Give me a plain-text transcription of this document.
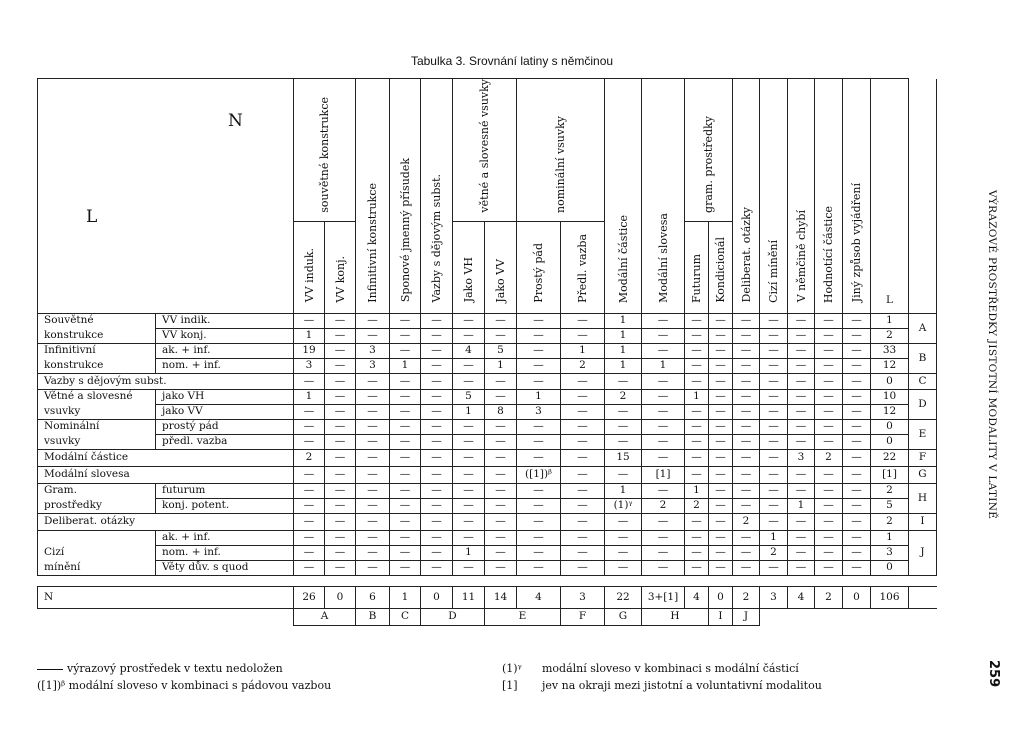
Tabulka 3. Srovnání latiny s němčinou
N
L		souvětné konstrukce		Infinitivní konstrukce	Sponové jmenný přísudek	Vazby s dějovým subst.	větné a slovesné vsuvky		nominální vsuvky		Modální částice	Modální slovesa	gram. prostředky		Deliberat. otázky	Cizí mínění	V němčině chybí	Hodnotící částice	Jiný způsob vyjádření	L	
		VV induk.	VV konj.				Jako VH	Jako VV	Prostý pád	Předl. vazba			Futurum	Kondicionál							
Souvětné	VV indik.	—	—	—	—	—	—	—	—	—	1	—	—	—	—	—	—	—	—	1	A
konstrukce	VV konj.	1	—	—	—	—	—	—	—	—	1	—	—	—	—	—	—	—	—	2	
Infinitivní	ak. + inf.	19	—	3	—	—	4	5	—	1	1	—	—	—	—	—	—	—	—	33	B
konstrukce	nom. + inf.	3	—	3	1	—	—	1	—	2	1	1	—	—	—	—	—	—	—	12	
Vazby s dějovým subst.		—	—	—	—	—	—	—	—	—	—	—	—	—	—	—	—	—	—	0	C
Větné a slovesné	jako VH	1	—	—	—	—	5	—	1	—	2	—	1	—	—	—	—	—	—	10	D
vsuvky	jako VV	—	—	—	—	—	1	8	3	—	—	—	—	—	—	—	—	—	—	12	
Nominální	prostý pád	—	—	—	—	—	—	—	—	—	—	—	—	—	—	—	—	—	—	0	E
vsuvky	předl. vazba	—	—	—	—	—	—	—	—	—	—	—	—	—	—	—	—	—	—	0	
Modální částice		2	—	—	—	—	—	—	—	—	15	—	—	—	—	—	3	2	—	22	F
Modální slovesa		—	—	—	—	—	—	—	([1])ᵝ	—	—	[1]	—	—	—	—	—	—	—	[1]	G
Gram.	futurum	—	—	—	—	—	—	—	—	—	1	—	1	—	—	—	—	—	—	2	H
prostředky	konj. potent.	—	—	—	—	—	—	—	—	—	(1)ᵞ	2	2	—	—	—	1	—	—	5	
Deliberat. otázky		—	—	—	—	—	—	—	—	—	—	—	—	—	2	—	—	—	—	2	I
	ak. + inf.	—	—	—	—	—	—	—	—	—	—	—	—	—	—	1	—	—	—	1	J
Cizí	nom. + inf.	—	—	—	—	—	1	—	—	—	—	—	—	—	—	2	—	—	—	3	
mínění	Věty dův. s quod	—	—	—	—	—	—	—	—	—	—	—	—	—	—	—	—	—	—	0	

N		26	0	6	1	0	11	14	4	3	22	3+[1]	4	0	2	3	4	2	0	106	
		A		B	C	D		E		F	G	H		I	J						
VÝRAZOVÉ PROSTŘEDKY JISTOTNÍ MODALITY V LATINĚ
259
výrazový prostředek v textu nedoložen
([1])ᵝ modální sloveso v kombinaci s pádovou vazbou
(1)ᵞ modální sloveso v kombinaci s modální částicí
[1] jev na okraji mezi jistotní a voluntativní modalitou
